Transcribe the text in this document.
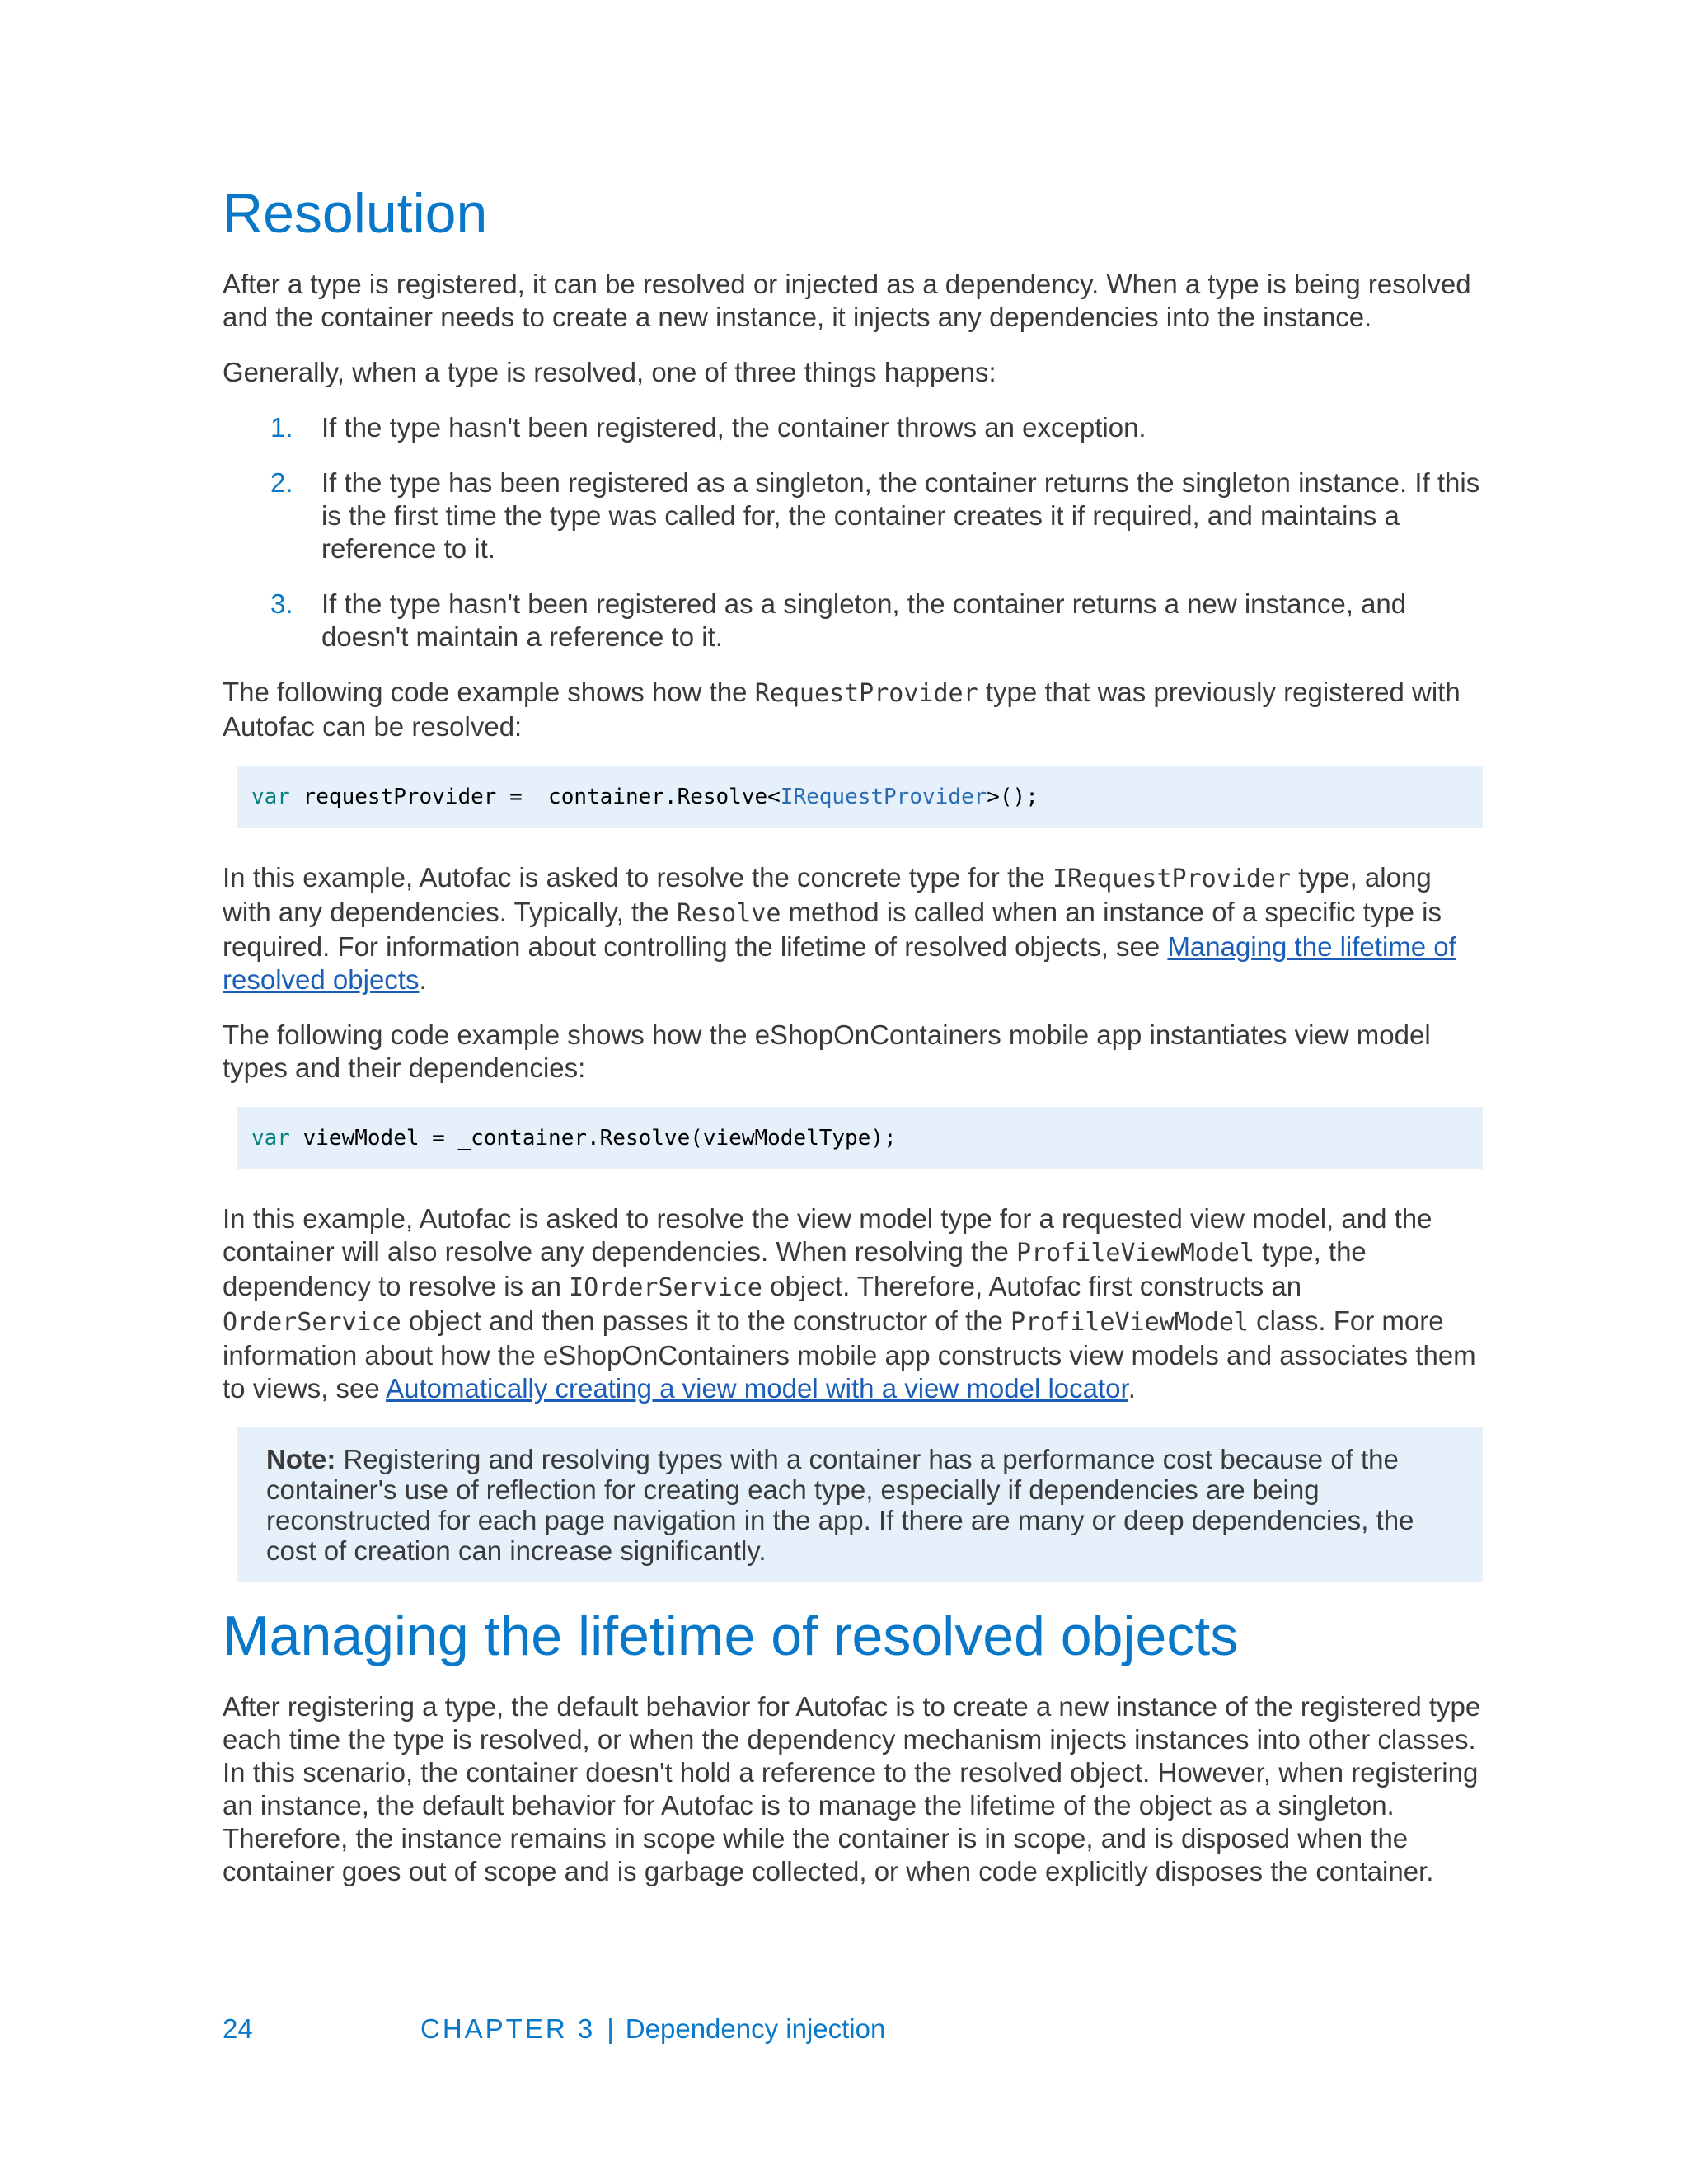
Resolution

After a type is registered, it can be resolved or injected as a dependency. When a type is being resolved and the container needs to create a new instance, it injects any dependencies into the instance.

Generally, when a type is resolved, one of three things happens:

1.	If the type hasn't been registered, the container throws an exception.
2.	If the type has been registered as a singleton, the container returns the singleton instance. If this is the first time the type was called for, the container creates it if required, and maintains a reference to it.
3.	If the type hasn't been registered as a singleton, the container returns a new instance, and doesn't maintain a reference to it.

The following code example shows how the RequestProvider type that was previously registered with Autofac can be resolved:

var requestProvider = _container.Resolve<IRequestProvider>();

In this example, Autofac is asked to resolve the concrete type for the IRequestProvider type, along with any dependencies. Typically, the Resolve method is called when an instance of a specific type is required. For information about controlling the lifetime of resolved objects, see Managing the lifetime of resolved objects.

The following code example shows how the eShopOnContainers mobile app instantiates view model types and their dependencies:

var viewModel = _container.Resolve(viewModelType);

In this example, Autofac is asked to resolve the view model type for a requested view model, and the container will also resolve any dependencies. When resolving the ProfileViewModel type, the dependency to resolve is an IOrderService object. Therefore, Autofac first constructs an OrderService object and then passes it to the constructor of the ProfileViewModel class. For more information about how the eShopOnContainers mobile app constructs view models and associates them to views, see Automatically creating a view model with a view model locator.

Note: Registering and resolving types with a container has a performance cost because of the container's use of reflection for creating each type, especially if dependencies are being reconstructed for each page navigation in the app. If there are many or deep dependencies, the cost of creation can increase significantly.
Managing the lifetime of resolved objects

After registering a type, the default behavior for Autofac is to create a new instance of the registered type each time the type is resolved, or when the dependency mechanism injects instances into other classes. In this scenario, the container doesn't hold a reference to the resolved object. However, when registering an instance, the default behavior for Autofac is to manage the lifetime of the object as a singleton. Therefore, the instance remains in scope while the container is in scope, and is disposed when the container goes out of scope and is garbage collected, or when code explicitly disposes the container.

24	CHAPTER 3 | Dependency injection
